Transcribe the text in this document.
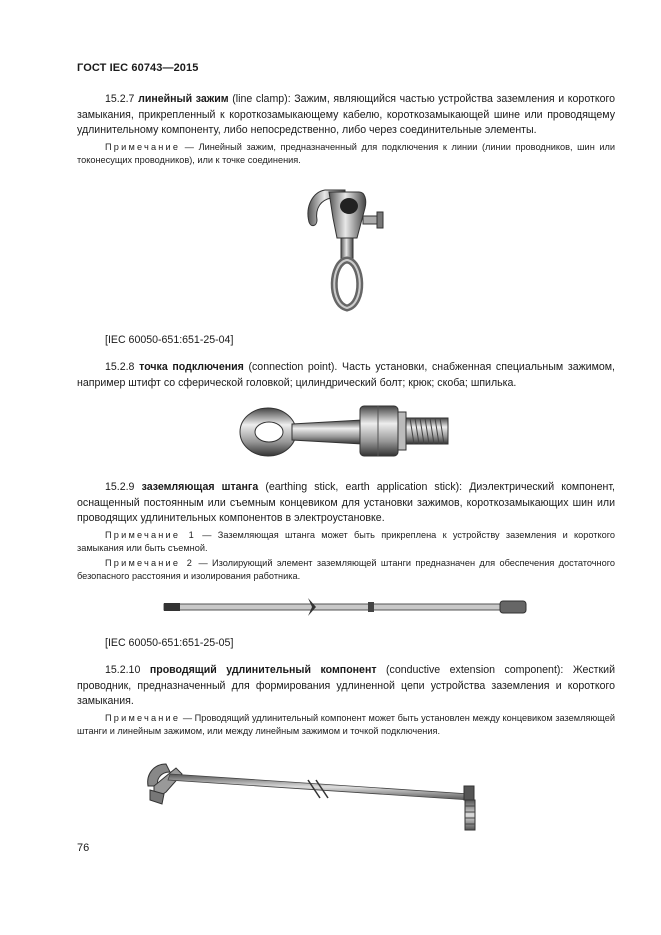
ГОСТ IEC 60743—2015
15.2.7 линейный зажим (line clamp): Зажим, являющийся частью устройства заземления и короткого замыкания, прикрепленный к короткозамыкающему кабелю, короткозамыкающей шине или проводящему удлинительному компоненту, либо непосредственно, либо через соединительные элементы.
Примечание — Линейный зажим, предназначенный для подключения к линии (линии проводников, шин или токонесущих проводников), или к точке соединения.
[IEC 60050-651:651-25-04]
15.2.8 точка подключения (connection point). Часть установки, снабженная специальным зажимом, например штифт со сферической головкой; цилиндрический болт; крюк; скоба; шпилька.
15.2.9 заземляющая штанга (earthing stick, earth application stick): Диэлектрический компонент, оснащенный постоянным или съемным концевиком для установки зажимов, короткозамыкающих шин или проводящих удлинительных компонентов в электроустановке.
Примечание 1 — Заземляющая штанга может быть прикреплена к устройству заземления и короткого замыкания или быть съемной.
Примечание 2 — Изолирующий элемент заземляющей штанги предназначен для обеспечения достаточного безопасного расстояния и изолирования работника.
[IEC 60050-651:651-25-05]
15.2.10 проводящий удлинительный компонент (conductive extension component): Жесткий проводник, предназначенный для формирования удлиненной цепи устройства заземления и короткого замыкания.
Примечание — Проводящий удлинительный компонент может быть установлен между концевиком заземляющей штанги и линейным зажимом, или между линейным зажимом и точкой подключения.
76
